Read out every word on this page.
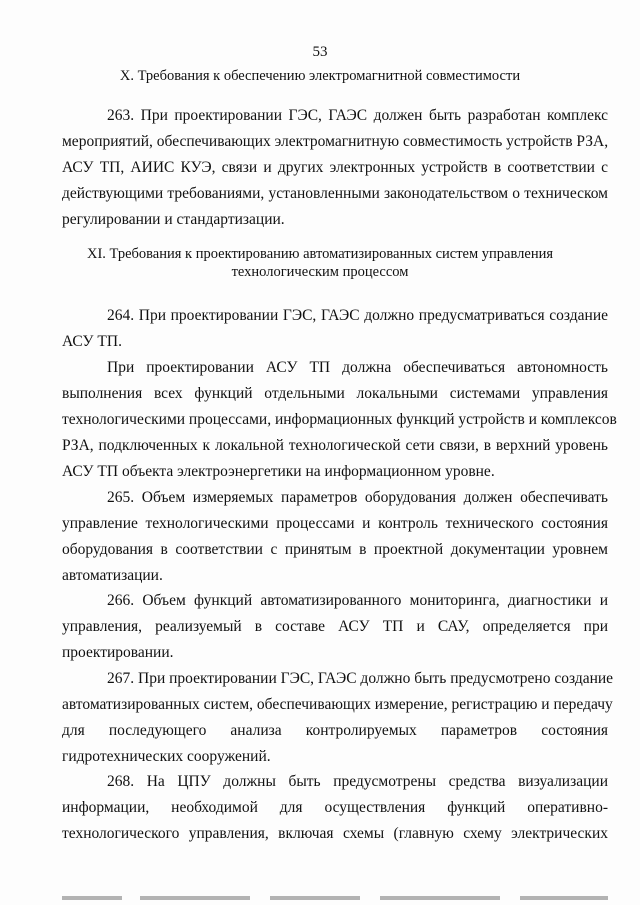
53
X. Требования к обеспечению электромагнитной совместимости
263. При проектировании ГЭС, ГАЭС должен быть разработан комплекс
мероприятий, обеспечивающих электромагнитную совместимость устройств РЗА,
АСУ ТП, АИИС КУЭ, связи и других электронных устройств в соответствии с
действующими требованиями, установленными законодательством о техническом
регулировании и стандартизации.
XI. Требования к проектированию автоматизированных систем управления
технологическим процессом
264. При проектировании ГЭС, ГАЭС должно предусматриваться создание
АСУ ТП.
При проектировании АСУ ТП должна обеспечиваться автономность
выполнения всех функций отдельными локальными системами управления
технологическими процессами, информационных функций устройств и комплексов
РЗА, подключенных к локальной технологической сети связи, в верхний уровень
АСУ ТП объекта электроэнергетики на информационном уровне.
265. Объем измеряемых параметров оборудования должен обеспечивать
управление технологическими процессами и контроль технического состояния
оборудования в соответствии с принятым в проектной документации уровнем
автоматизации.
266. Объем функций автоматизированного мониторинга, диагностики и
управления, реализуемый в составе АСУ ТП и САУ, определяется при
проектировании.
267. При проектировании ГЭС, ГАЭС должно быть предусмотрено создание
автоматизированных систем, обеспечивающих измерение, регистрацию и передачу
для последующего анализа контролируемых параметров состояния
гидротехнических сооружений.
268. На ЦПУ должны быть предусмотрены средства визуализации
информации, необходимой для осуществления функций оперативно-
технологического управления, включая схемы (главную схему электрических
